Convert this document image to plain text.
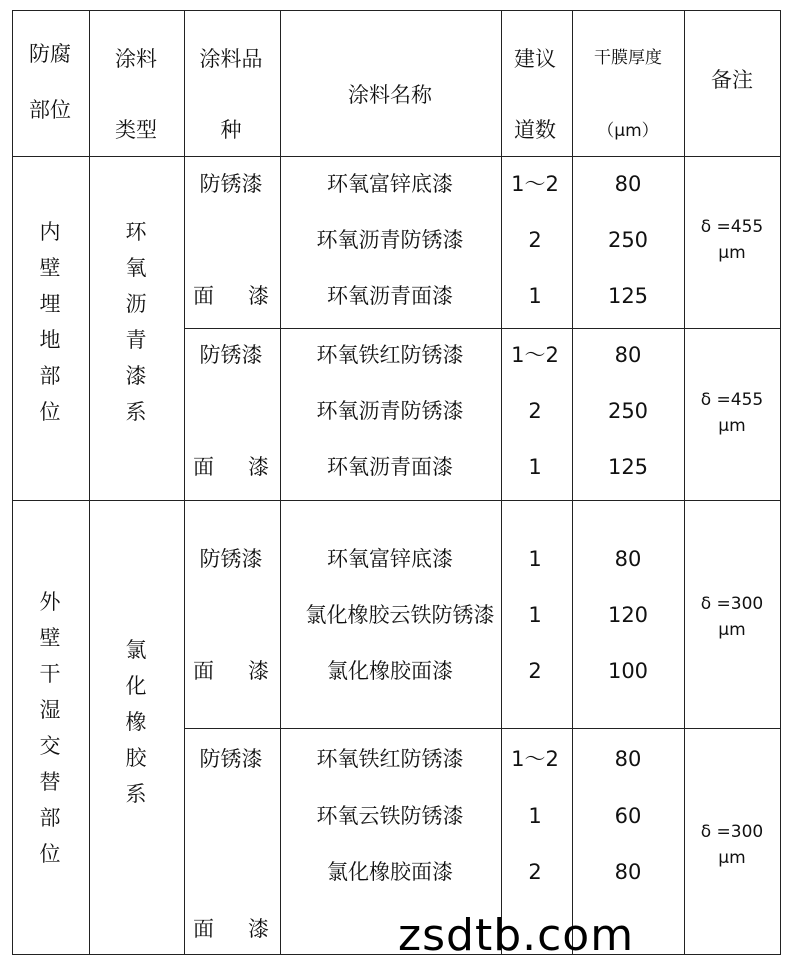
防腐
部位
涂料
类型
涂料品
种
涂料名称
建议
道数
干膜厚度
（μm）
备注
内壁埋地部位
环氧沥青漆系
防锈漆
面 漆
环氧富锌底漆
环氧沥青防锈漆
环氧沥青面漆
1～2
2
1
80
250
125
δ =455
μm
防锈漆
面 漆
环氧铁红防锈漆
环氧沥青防锈漆
环氧沥青面漆
1～2
2
1
80
250
125
δ =455
μm
外壁干湿交替部位
氯化橡胶系
防锈漆
面 漆
环氧富锌底漆
氯化橡胶云铁防锈漆
氯化橡胶面漆
1
1
2
80
120
100
δ =300
μm
防锈漆
面 漆
环氧铁红防锈漆
环氧云铁防锈漆
氯化橡胶面漆
1～2
1
2
80
60
80
δ =300
μm
zsdtb.com
